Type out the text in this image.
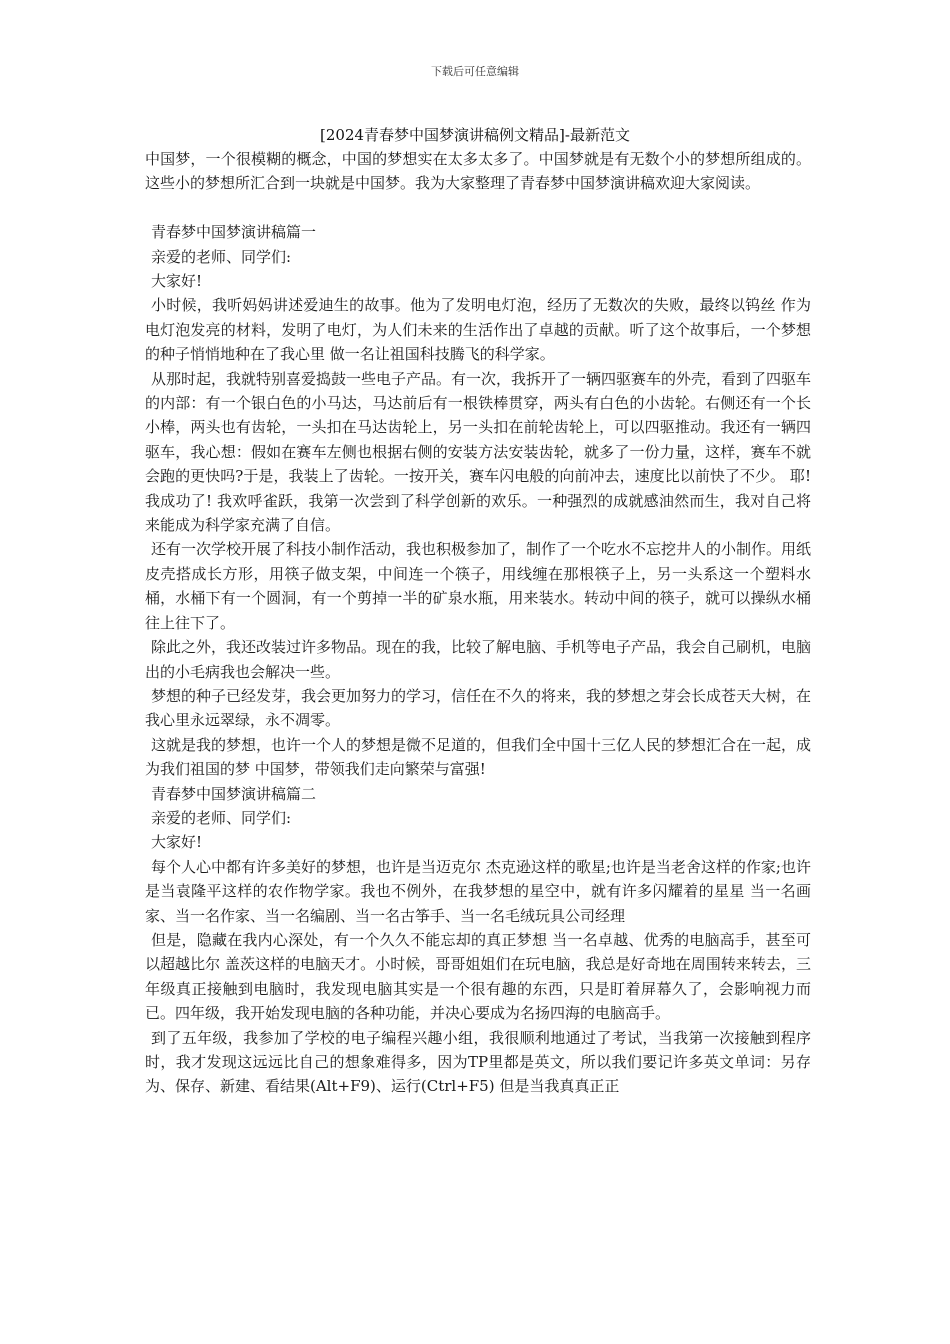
下载后可任意编辑
[2024青春梦中国梦演讲稿例文精品]-最新范文

中国梦，一个很模糊的概念，中国的梦想实在太多太多了。中国梦就是有无数个小的梦想所组成的。这些小的梦想所汇合到一块就是中国梦。我为大家整理了青春梦中国梦演讲稿欢迎大家阅读。

青春梦中国梦演讲稿篇一

亲爱的老师、同学们:

大家好!

小时候，我听妈妈讲述爱迪生的故事。他为了发明电灯泡，经历了无数次的失败，最终以钨丝 作为电灯泡发亮的材料，发明了电灯，为人们未来的生活作出了卓越的贡献。听了这个故事后，一个梦想的种子悄悄地种在了我心里 做一名让祖国科技腾飞的科学家。

从那时起，我就特别喜爱捣鼓一些电子产品。有一次，我拆开了一辆四驱赛车的外壳，看到了四驱车的内部：有一个银白色的小马达，马达前后有一根铁棒贯穿，两头有白色的小齿轮。右侧还有一个长小棒，两头也有齿轮，一头扣在马达齿轮上，另一头扣在前轮齿轮上，可以四驱推动。我还有一辆四驱车，我心想：假如在赛车左侧也根据右侧的安装方法安装齿轮，就多了一份力量，这样，赛车不就会跑的更快吗?于是，我装上了齿轮。一按开关，赛车闪电般的向前冲去，速度比以前快了不少。 耶!我成功了! 我欢呼雀跃，我第一次尝到了科学创新的欢乐。一种强烈的成就感油然而生，我对自己将来能成为科学家充满了自信。

还有一次学校开展了科技小制作活动，我也积极参加了，制作了一个吃水不忘挖井人的小制作。用纸皮壳搭成长方形，用筷子做支架，中间连一个筷子，用线缠在那根筷子上，另一头系这一个塑料水桶，水桶下有一个圆洞，有一个剪掉一半的矿泉水瓶，用来装水。转动中间的筷子，就可以操纵水桶往上往下了。

除此之外，我还改装过许多物品。现在的我，比较了解电脑、手机等电子产品，我会自己刷机，电脑出的小毛病我也会解决一些。

梦想的种子已经发芽，我会更加努力的学习，信任在不久的将来，我的梦想之芽会长成苍天大树，在我心里永远翠绿，永不凋零。

这就是我的梦想，也许一个人的梦想是微不足道的，但我们全中国十三亿人民的梦想汇合在一起，成为我们祖国的梦 中国梦，带领我们走向繁荣与富强!

青春梦中国梦演讲稿篇二

亲爱的老师、同学们:

大家好!

每个人心中都有许多美好的梦想，也许是当迈克尔 杰克逊这样的歌星;也许是当老舍这样的作家;也许是当袁隆平这样的农作物学家。我也不例外，在我梦想的星空中，就有许多闪耀着的星星 当一名画家、当一名作家、当一名编剧、当一名古筝手、当一名毛绒玩具公司经理

但是，隐藏在我内心深处，有一个久久不能忘却的真正梦想 当一名卓越、优秀的电脑高手，甚至可以超越比尔 盖茨这样的电脑天才。小时候，哥哥姐姐们在玩电脑，我总是好奇地在周围转来转去，三年级真正接触到电脑时，我发现电脑其实是一个很有趣的东西，只是盯着屏幕久了，会影响视力而已。四年级，我开始发现电脑的各种功能，并决心要成为名扬四海的电脑高手。

到了五年级，我参加了学校的电子编程兴趣小组，我很顺利地通过了考试，当我第一次接触到程序时，我才发现这远远比自己的想象难得多，因为TP里都是英文，所以我们要记许多英文单词：另存为、保存、新建、看结果(Alt+F9)、运行(Ctrl+F5) 但是当我真真正正
